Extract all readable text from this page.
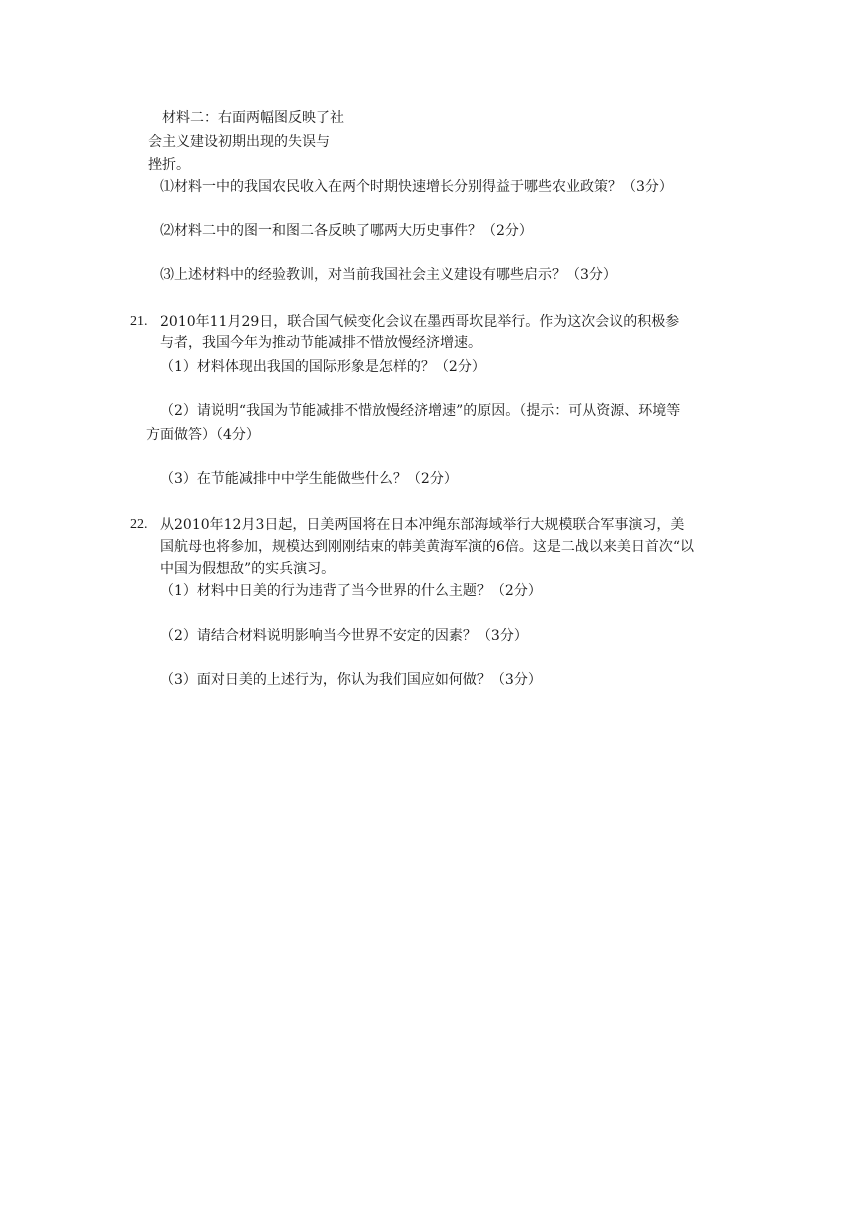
材料二：右面两幅图反映了社
会主义建设初期出现的失误与
挫折。
⑴材料一中的我国农民收入在两个时期快速增长分别得益于哪些农业政策？（3分）
⑵材料二中的图一和图二各反映了哪两大历史事件？（2分）
⑶上述材料中的经验教训，对当前我国社会主义建设有哪些启示？（3分）
21. 2010年11月29日，联合国气候变化会议在墨西哥坎昆举行。作为这次会议的积极参
与者，我国今年为推动节能减排不惜放慢经济增速。
（1）材料体现出我国的国际形象是怎样的？（2分）
（2）请说明“我国为节能减排不惜放慢经济增速”的原因。（提示：可从资源、环境等
方面做答）（4分）
（3）在节能减排中中学生能做些什么？（2分）
22. 从2010年12月3日起，日美两国将在日本冲绳东部海域举行大规模联合军事演习，美
国航母也将参加，规模达到刚刚结束的韩美黄海军演的6倍。这是二战以来美日首次“以
中国为假想敌”的实兵演习。
（1）材料中日美的行为违背了当今世界的什么主题？（2分）
（2）请结合材料说明影响当今世界不安定的因素？（3分）
（3）面对日美的上述行为，你认为我们国应如何做？（3分）
